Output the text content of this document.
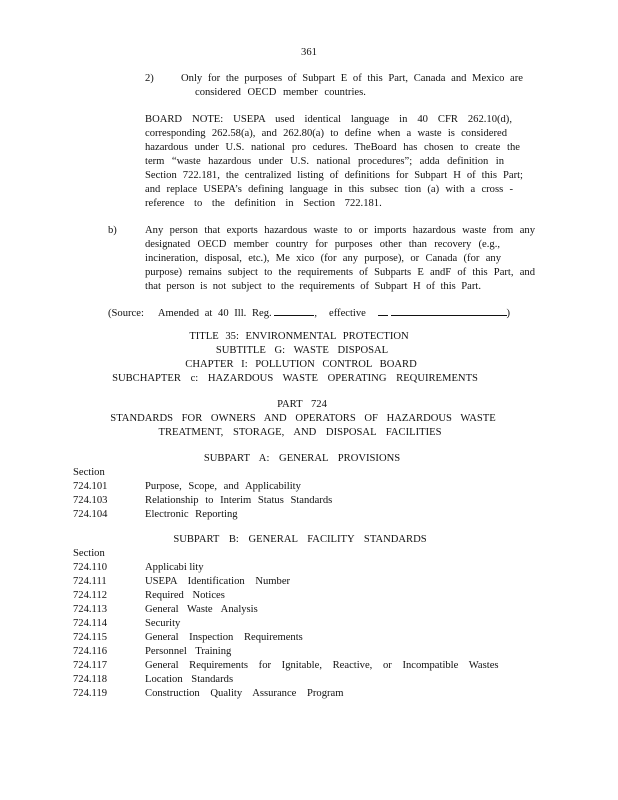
361
2)	Only for the purposes of Subpart E of this Part, Canada and Mexico are
considered OECD member countries.
BOARD NOTE: USEPA used identical language in 40 CFR 262.10(d),
corresponding 262.58(a), and 262.80(a) to define when a waste is considered
hazardous under U.S. national pro cedures. TheBoard has chosen to create the
term “waste hazardous under U.S. national procedures”; adda definition in
Section 722.181, the centralized listing of definitions for Subpart H of this Part;
and replace USEPA’s defining language in this subsec tion (a) with a cross -
reference to the definition in Section 722.181.
b)	Any person that exports hazardous waste to or imports hazardous waste from any
designated OECD member country for purposes other than recovery (e.g.,
incineration, disposal, etc.), Me xico (for any purpose), or Canada (for any
purpose) remains subject to the requirements of Subparts E andF of this Part, and
that person is not subject to the requirements of Subpart H of this Part.
(Source: Amended at 40 Ill. Reg.	, effective	)
TITLE 35: ENVIRONMENTAL PROTECTION
SUBTITLE G: WASTE DISPOSAL
CHAPTER I: POLLUTION CONTROL BOARD
SUBCHAPTER c: HAZARDOUS WASTE OPERATING REQUIREMENTS
PART 724
STANDARDS FOR OWNERS AND OPERATORS OF HAZARDOUS WASTE
TREATMENT, STORAGE, AND DISPOSAL FACILITIES
SUBPART A: GENERAL PROVISIONS
Section
724.101	Purpose, Scope, and Applicability
724.103	Relationship to Interim Status Standards
724.104	Electronic Reporting
SUBPART B: GENERAL FACILITY STANDARDS
Section
724.110	Applicabi lity
724.111	USEPA Identification Number
724.112	Required Notices
724.113	General Waste Analysis
724.114	Security
724.115	General Inspection Requirements
724.116	Personnel Training
724.117	General Requirements for Ignitable, Reactive, or Incompatible Wastes
724.118	Location Standards
724.119	Construction Quality Assurance Program
